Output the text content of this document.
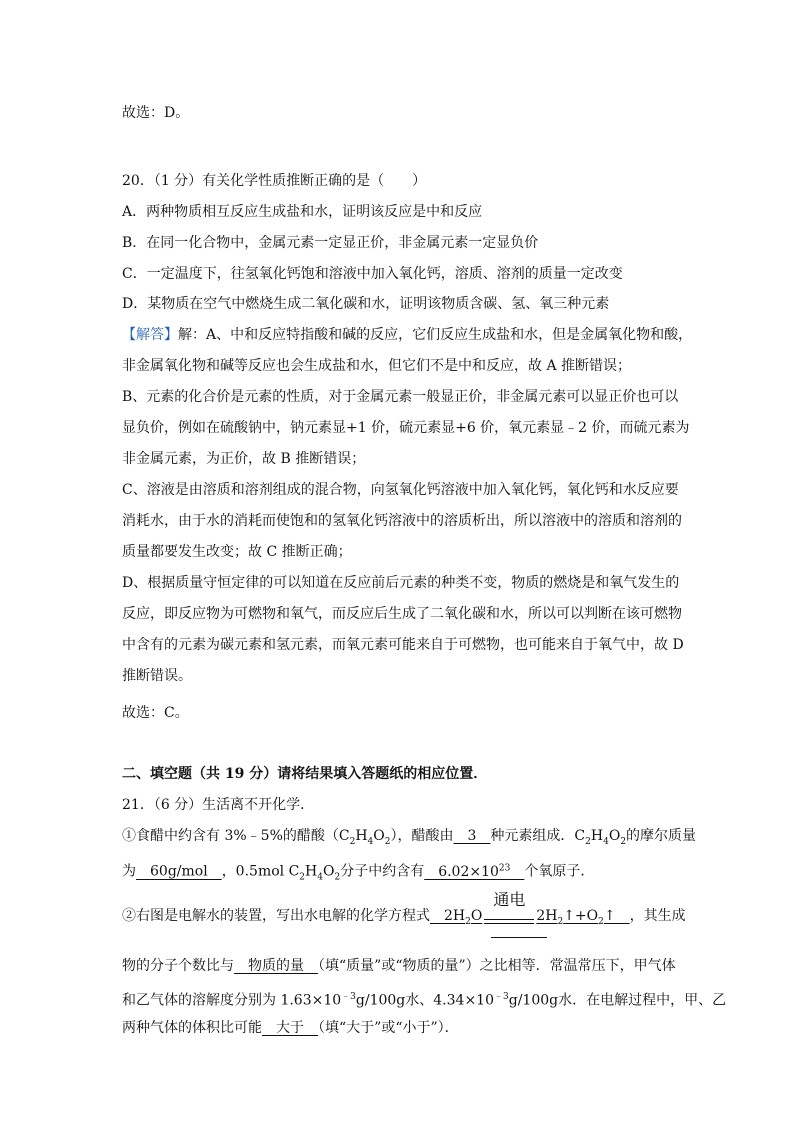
故选：D。
20．（1 分）有关化学性质推断正确的是（　　）
A．两种物质相互反应生成盐和水，证明该反应是中和反应
B．在同一化合物中，金属元素一定显正价，非金属元素一定显负价
C．一定温度下，往氢氧化钙饱和溶液中加入氧化钙，溶质、溶剂的质量一定改变
D．某物质在空气中燃烧生成二氧化碳和水，证明该物质含碳、氢、氧三种元素
【解答】解：A、中和反应特指酸和碱的反应，它们反应生成盐和水，但是金属氧化物和酸，
非金属氧化物和碱等反应也会生成盐和水，但它们不是中和反应，故 A 推断错误；
B、元素的化合价是元素的性质，对于金属元素一般显正价，非金属元素可以显正价也可以
显负价，例如在硫酸钠中，钠元素显+1 价，硫元素显+6 价，氧元素显﹣2 价，而硫元素为
非金属元素，为正价，故 B 推断错误；
C、溶液是由溶质和溶剂组成的混合物，向氢氧化钙溶液中加入氧化钙，氧化钙和水反应要
消耗水，由于水的消耗而使饱和的氢氧化钙溶液中的溶质析出，所以溶液中的溶质和溶剂的
质量都要发生改变；故 C 推断正确；
D、根据质量守恒定律的可以知道在反应前后元素的种类不变，物质的燃烧是和氧气发生的
反应，即反应物为可燃物和氧气，而反应后生成了二氧化碳和水，所以可以判断在该可燃物
中含有的元素为碳元素和氢元素，而氧元素可能来自于可燃物，也可能来自于氧气中，故 D
推断错误。
故选：C。
二、填空题（共 19 分）请将结果填入答题纸的相应位置．
21．（6 分）生活离不开化学．
①食醋中约含有 3%﹣5%的醋酸$(C_2H_4O_2)$，醋酸由　3　种元素组成．$C_2H_4O_2$的摩尔质量
为　60g/mol　，0.5mol $C_2H_4O_2$分子中约含有　$6.02\times 10^{23}$　 个氧原子．
②右图是电解水的装置，写出水电解的化学方程式　$2H_2O$
通电
$2H_2↑+O_2↑$　，其生成
物的分子个数比与　物质的量　（填“质量”或“物质的量”）之比相等．常温常压下，甲气体
和乙气体的溶解度分别为 $1.63\times 10^{﹣3}g/100g$水、$4.34\times 10^{﹣3}g/100g$水．在电解过程中，甲、乙
两种气体的体积比可能　大于　（填“大于”或“小于”）．
